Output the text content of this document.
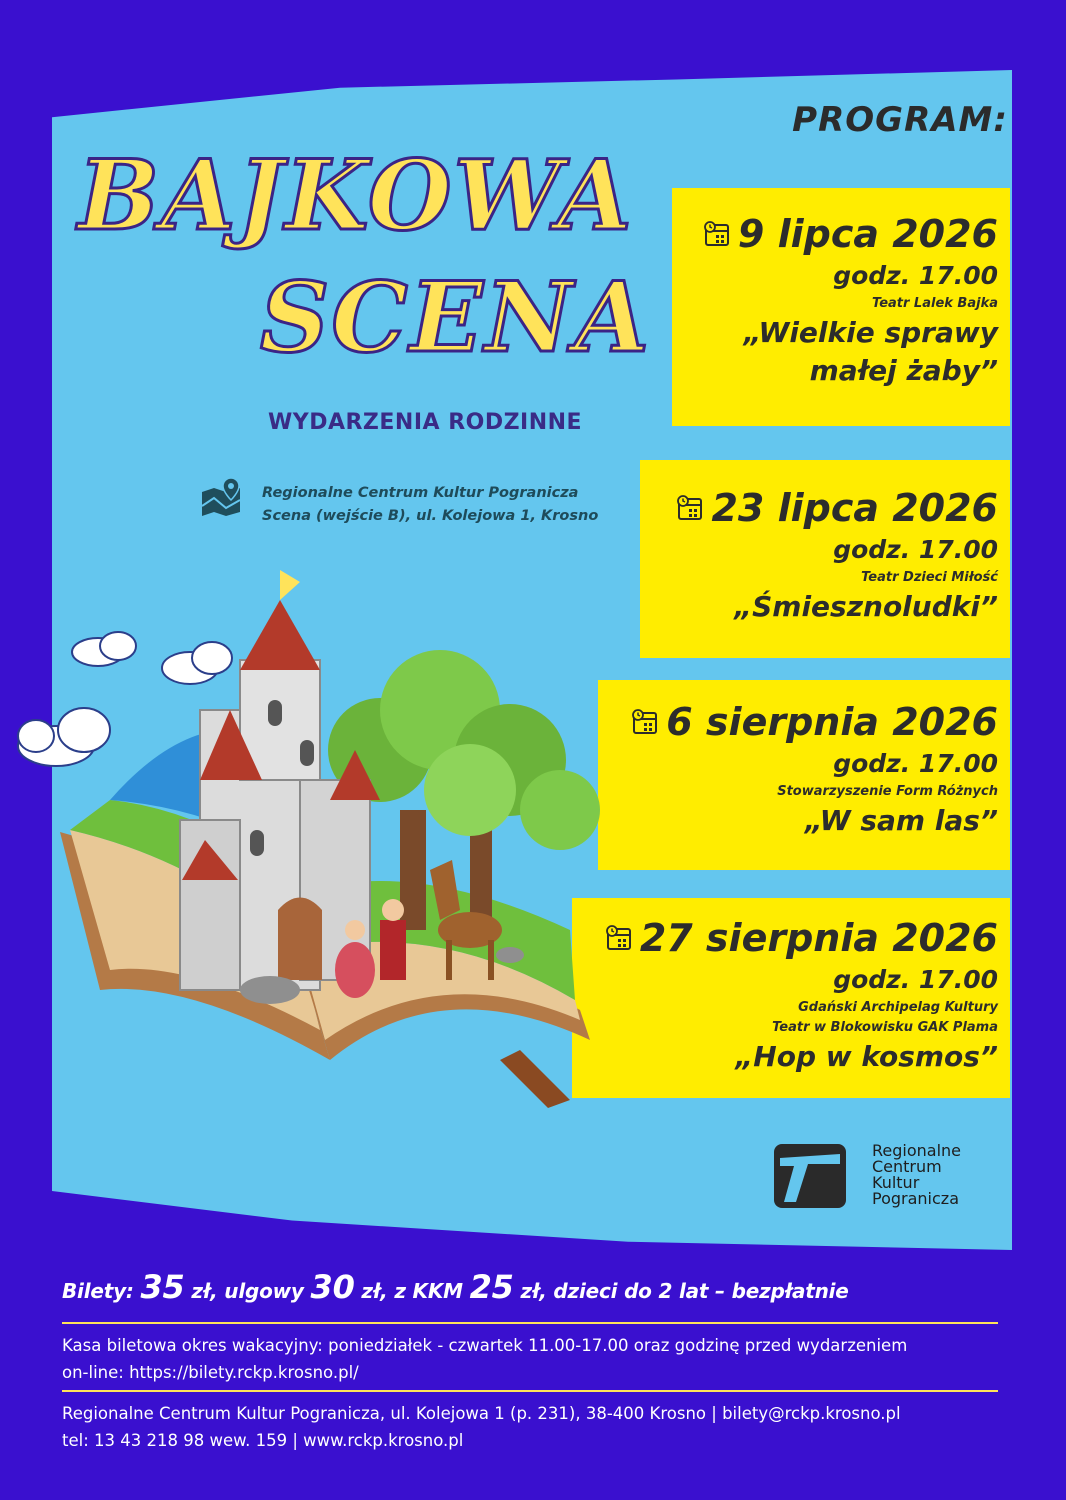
PROGRAM:
BAJKOWA
SCENA
WYDARZENIA RODZINNE
Regionalne Centrum Kultur Pogranicza
Scena (wejście B), ul. Kolejowa 1, Krosno
9 lipca 2026
godz. 17.00
Teatr Lalek Bajka
„Wielkie sprawy
małej żaby”
23 lipca 2026
godz. 17.00
Teatr Dzieci Miłość
„Śmiesznoludki”
6 sierpnia 2026
godz. 17.00
Stowarzyszenie Form Różnych
„W sam las”
27 sierpnia 2026
godz. 17.00
Gdański Archipelag Kultury
Teatr w Blokowisku GAK Plama
„Hop w kosmos”
Regionalne
Centrum
Kultur
Pogranicza
Bilety: 35 zł, ulgowy 30 zł, z KKM 25 zł, dzieci do 2 lat – bezpłatnie
Kasa biletowa okres wakacyjny: poniedziałek - czwartek 11.00-17.00 oraz godzinę przed wydarzeniem
on-line: https://bilety.rckp.krosno.pl/
Regionalne Centrum Kultur Pogranicza, ul. Kolejowa 1 (p. 231), 38-400 Krosno | bilety@rckp.krosno.pl
tel: 13 43 218 98 wew. 159 | www.rckp.krosno.pl
